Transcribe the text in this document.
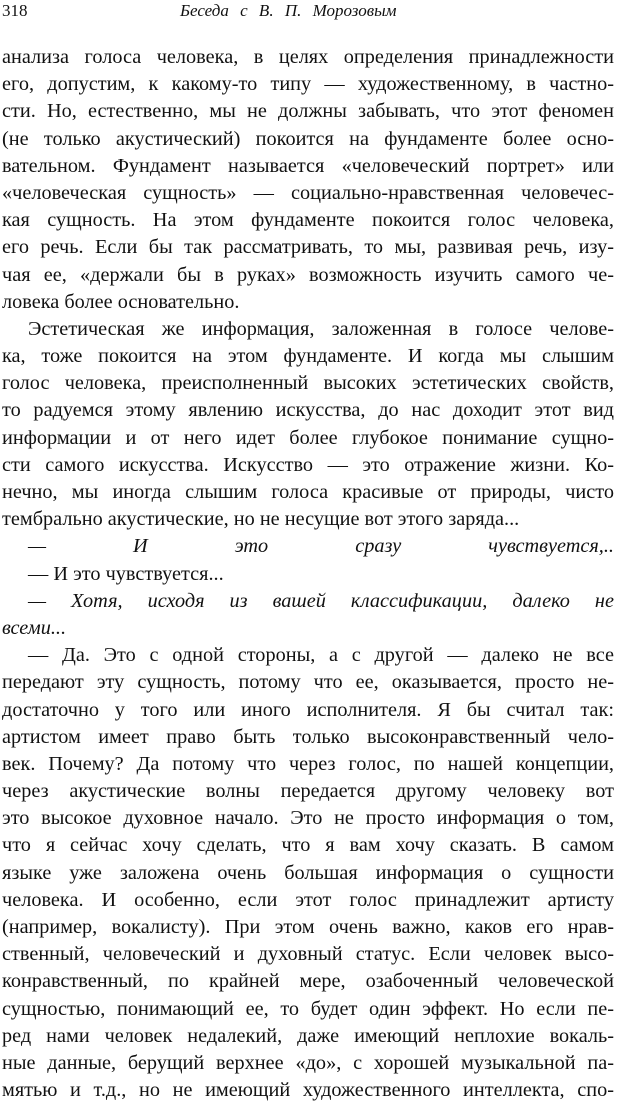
318	Беседа с В. П. Морозовым
анализа голоса человека, в целях определения принадлежности
его, допустим, к какому-то типу — художественному, в частно-
сти. Но, естественно, мы не должны забывать, что этот феномен
(не только акустический) покоится на фундаменте более осно-
вательном. Фундамент называется «человеческий портрет» или
«человеческая сущность» — социально-нравственная человечес-
кая сущность. На этом фундаменте покоится голос человека,
его речь. Если бы так рассматривать, то мы, развивая речь, изу-
чая ее, «держали бы в руках» возможность изучить самого че-
ловека более основательно.
Эстетическая же информация, заложенная в голосе челове-
ка, тоже покоится на этом фундаменте. И когда мы слышим
голос человека, преисполненный высоких эстетических свойств,
то радуемся этому явлению искусства, до нас доходит этот вид
информации и от него идет более глубокое понимание сущно-
сти самого искусства. Искусство — это отражение жизни. Ко-
нечно, мы иногда слышим голоса красивые от природы, чисто
тембрально акустические, но не несущие вот этого заряда...
— И это сразу чувствуется,..
— И это чувствуется...
— Хотя, исходя из вашей классификации, далеко не
всеми...
— Да. Это с одной стороны, а с другой — далеко не все
передают эту сущность, потому что ее, оказывается, просто не-
достаточно у того или иного исполнителя. Я бы считал так:
артистом имеет право быть только высоконравственный чело-
век. Почему? Да потому что через голос, по нашей концепции,
через акустические волны передается другому человеку вот
это высокое духовное начало. Это не просто информация о том,
что я сейчас хочу сделать, что я вам хочу сказать. В самом
языке уже заложена очень большая информация о сущности
человека. И особенно, если этот голос принадлежит артисту
(например, вокалисту). При этом очень важно, каков его нрав-
ственный, человеческий и духовный статус. Если человек высо-
конравственный, по крайней мере, озабоченный человеческой
сущностью, понимающий ее, то будет один эффект. Но если пе-
ред нами человек недалекий, даже имеющий неплохие вокаль-
ные данные, берущий верхнее «до», с хорошей музыкальной па-
мятью и т.д., но не имеющий художественного интеллекта, спо-
